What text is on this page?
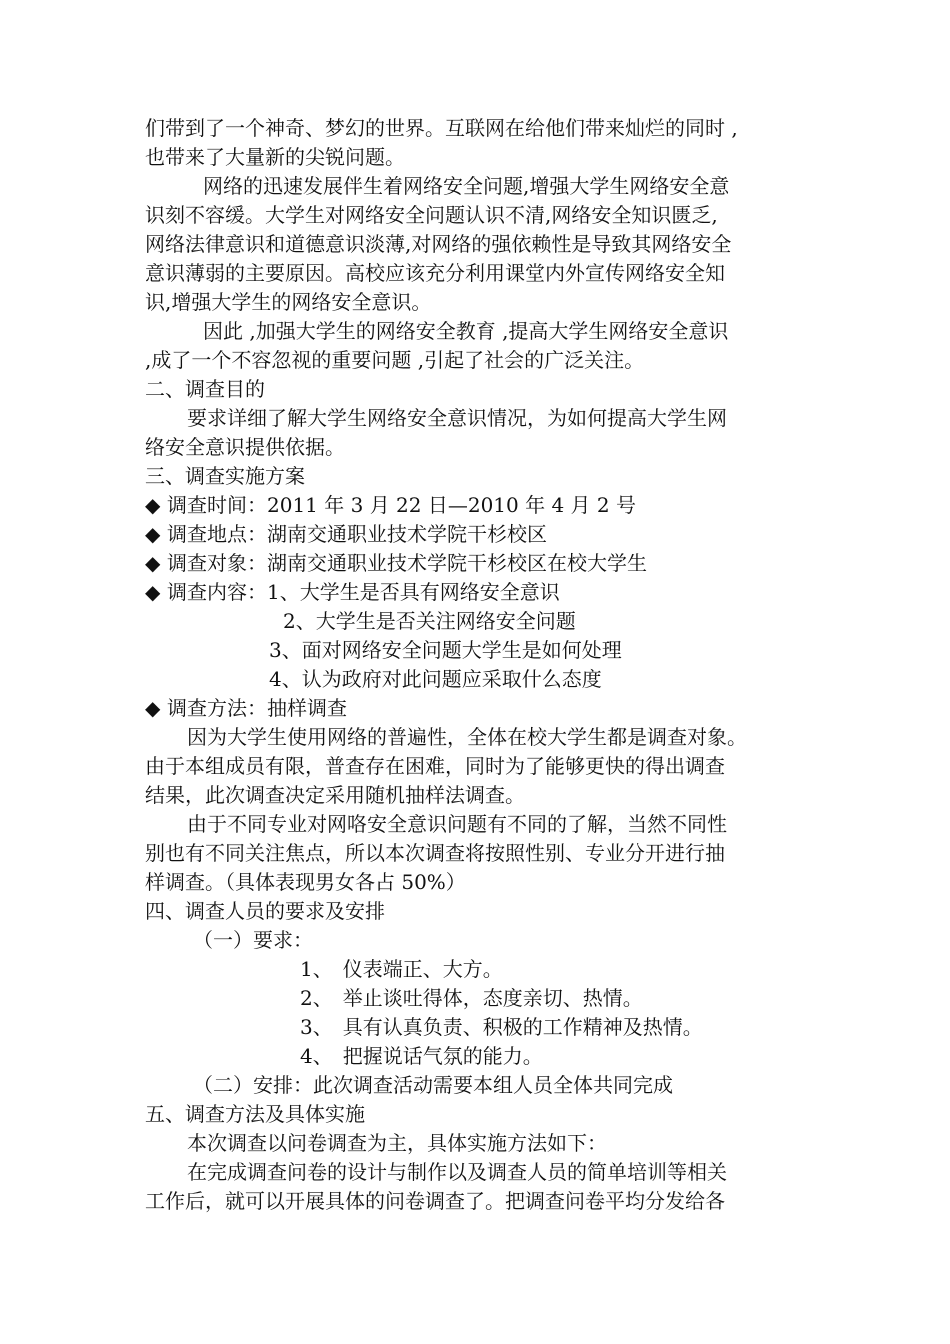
们带到了一个神奇、梦幻的世界。互联网在给他们带来灿烂的同时 ,
也带来了大量新的尖锐问题。
网络的迅速发展伴生着网络安全问题,增强大学生网络安全意
识刻不容缓。大学生对网络安全问题认识不清,网络安全知识匮乏,
网络法律意识和道德意识淡薄,对网络的强依赖性是导致其网络安全
意识薄弱的主要原因。高校应该充分利用课堂内外宣传网络安全知
识,增强大学生的网络安全意识。
因此 ,加强大学生的网络安全教育 ,提高大学生网络安全意识
,成了一个不容忽视的重要问题 ,引起了社会的广泛关注。
二、调查目的
要求详细了解大学生网络安全意识情况，为如何提高大学生网
络安全意识提供依据。
三、调查实施方案
◆ 调查时间：2011 年 3 月 22 日—2010 年 4 月 2 号
◆ 调查地点：湖南交通职业技术学院干杉校区
◆ 调查对象：湖南交通职业技术学院干杉校区在校大学生
◆ 调查内容：1、大学生是否具有网络安全意识
2、大学生是否关注网络安全问题
3、面对网络安全问题大学生是如何处理
4、认为政府对此问题应采取什么态度
◆ 调查方法：抽样调查
因为大学生使用网络的普遍性，全体在校大学生都是调查对象。
由于本组成员有限，普查存在困难，同时为了能够更快的得出调查
结果，此次调查决定采用随机抽样法调查。
由于不同专业对网咯安全意识问题有不同的了解，当然不同性
别也有不同关注焦点，所以本次调查将按照性别、专业分开进行抽
样调查。（具体表现男女各占 50%）
四、调查人员的要求及安排
（一）要求：
1、　仪表端正、大方。
2、　举止谈吐得体，态度亲切、热情。
3、　具有认真负责、积极的工作精神及热情。
4、　把握说话气氛的能力。
（二）安排：此次调查活动需要本组人员全体共同完成
五、调查方法及具体实施
本次调查以问卷调查为主，具体实施方法如下：
在完成调查问卷的设计与制作以及调查人员的简单培训等相关
工作后，就可以开展具体的问卷调查了。把调查问卷平均分发给各
